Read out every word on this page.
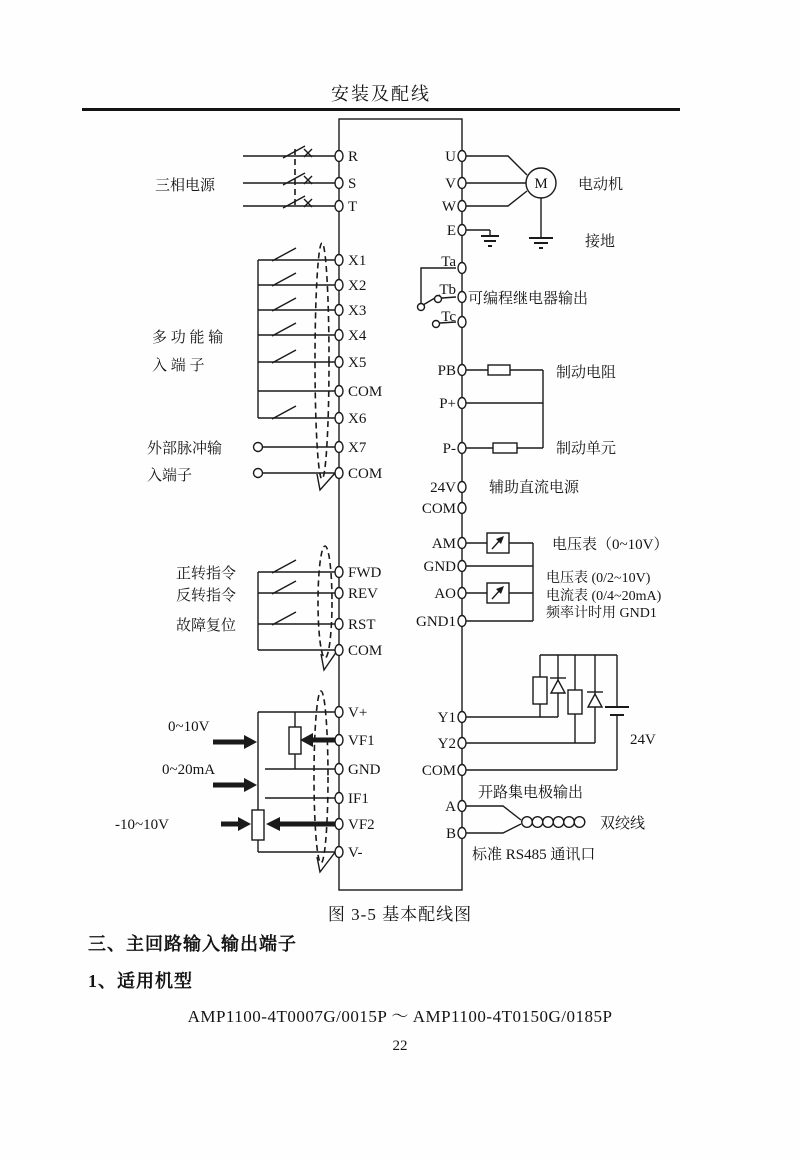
安装及配线
三相电源	M 电动机
接地
可编程继电器输出
多 功 能 输
入 端 子
外部脉冲输
入端子
制动电阻
制动单元
辅助直流电源
电压表（0~10V）
电压表 (0/2~10V)
电流表 (0/4~20mA)
频率计时用 GND1
正转指令
反转指令
故障复位
0~10V
0~20mA
-10~10V
24V
开路集电极输出
双绞线
标准 RS485 通讯口
R
S
T
X1
X2
X3
X4
X5
COM
X6
X7
COM
FWD
REV
RST
COM
V+
VF1
GND
IF1
VF2
V-
U
V
W
E
Ta
Tb
Tc
PB
P+
P-
24V
COM
AM
GND
AO
GND1
Y1
Y2
COM
A
B
图 3-5 基本配线图
三、主回路输入输出端子
1、适用机型
AMP1100-4T0007G/0015P ～ AMP1100-4T0150G/0185P
22
